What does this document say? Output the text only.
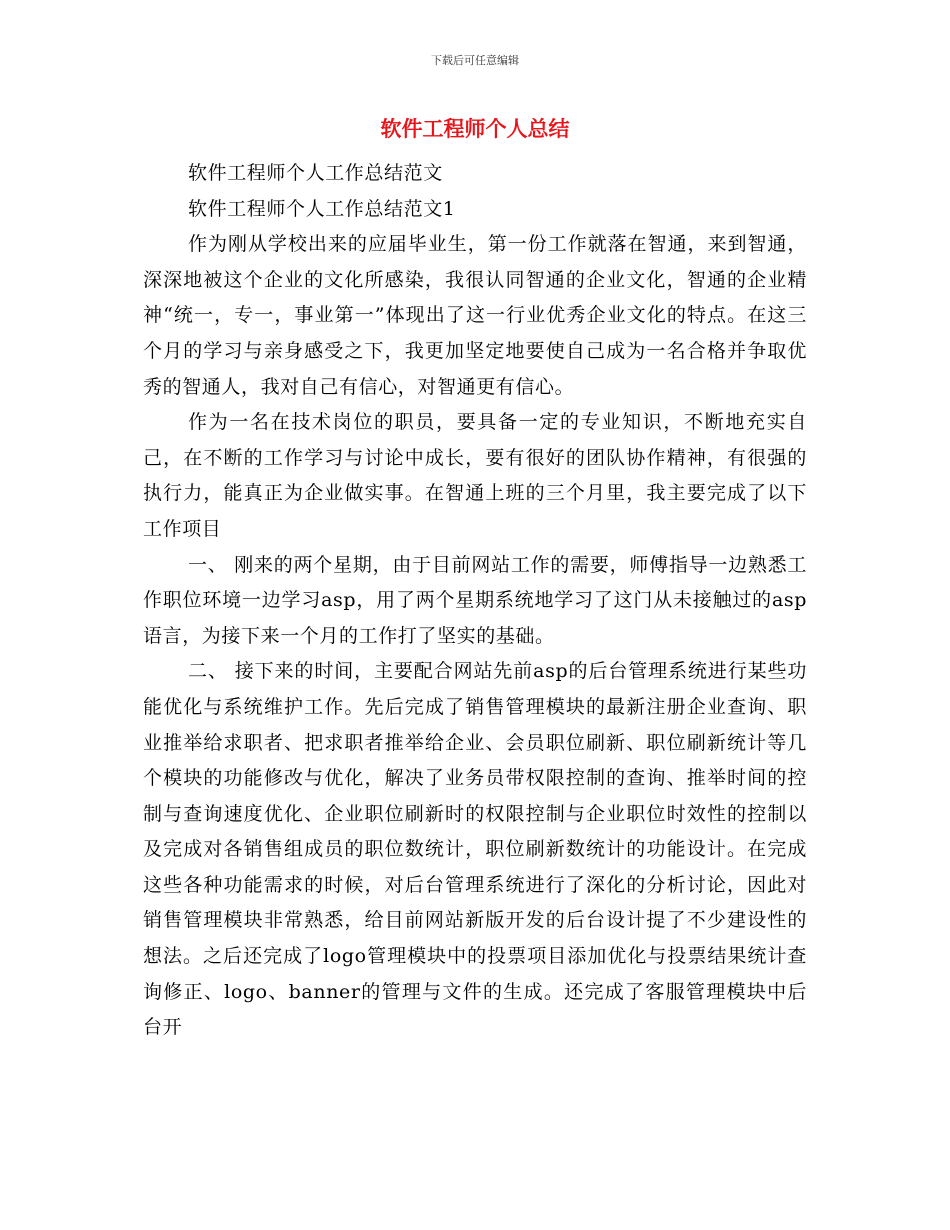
下载后可任意编辑
软件工程师个人总结

软件工程师个人工作总结范文

软件工程师个人工作总结范文1

作为刚从学校出来的应届毕业生，第一份工作就落在智通，来到智通，深深地被这个企业的文化所感染，我很认同智通的企业文化，智通的企业精神“统一，专一，事业第一”体现出了这一行业优秀企业文化的特点。在这三个月的学习与亲身感受之下，我更加坚定地要使自己成为一名合格并争取优秀的智通人，我对自己有信心，对智通更有信心。

作为一名在技术岗位的职员，要具备一定的专业知识，不断地充实自己，在不断的工作学习与讨论中成长，要有很好的团队协作精神，有很强的执行力，能真正为企业做实事。在智通上班的三个月里，我主要完成了以下工作项目

一、 刚来的两个星期，由于目前网站工作的需要，师傅指导一边熟悉工作职位环境一边学习asp，用了两个星期系统地学习了这门从未接触过的asp语言，为接下来一个月的工作打了坚实的基础。

二、 接下来的时间，主要配合网站先前asp的后台管理系统进行某些功能优化与系统维护工作。先后完成了销售管理模块的最新注册企业查询、职业推举给求职者、把求职者推举给企业、会员职位刷新、职位刷新统计等几个模块的功能修改与优化，解决了业务员带权限控制的查询、推举时间的控制与查询速度优化、企业职位刷新时的权限控制与企业职位时效性的控制以及完成对各销售组成员的职位数统计，职位刷新数统计的功能设计。在完成这些各种功能需求的时候，对后台管理系统进行了深化的分析讨论，因此对销售管理模块非常熟悉，给目前网站新版开发的后台设计提了不少建设性的想法。之后还完成了logo管理模块中的投票项目添加优化与投票结果统计查询修正、logo、banner的管理与文件的生成。还完成了客服管理模块中后台开
